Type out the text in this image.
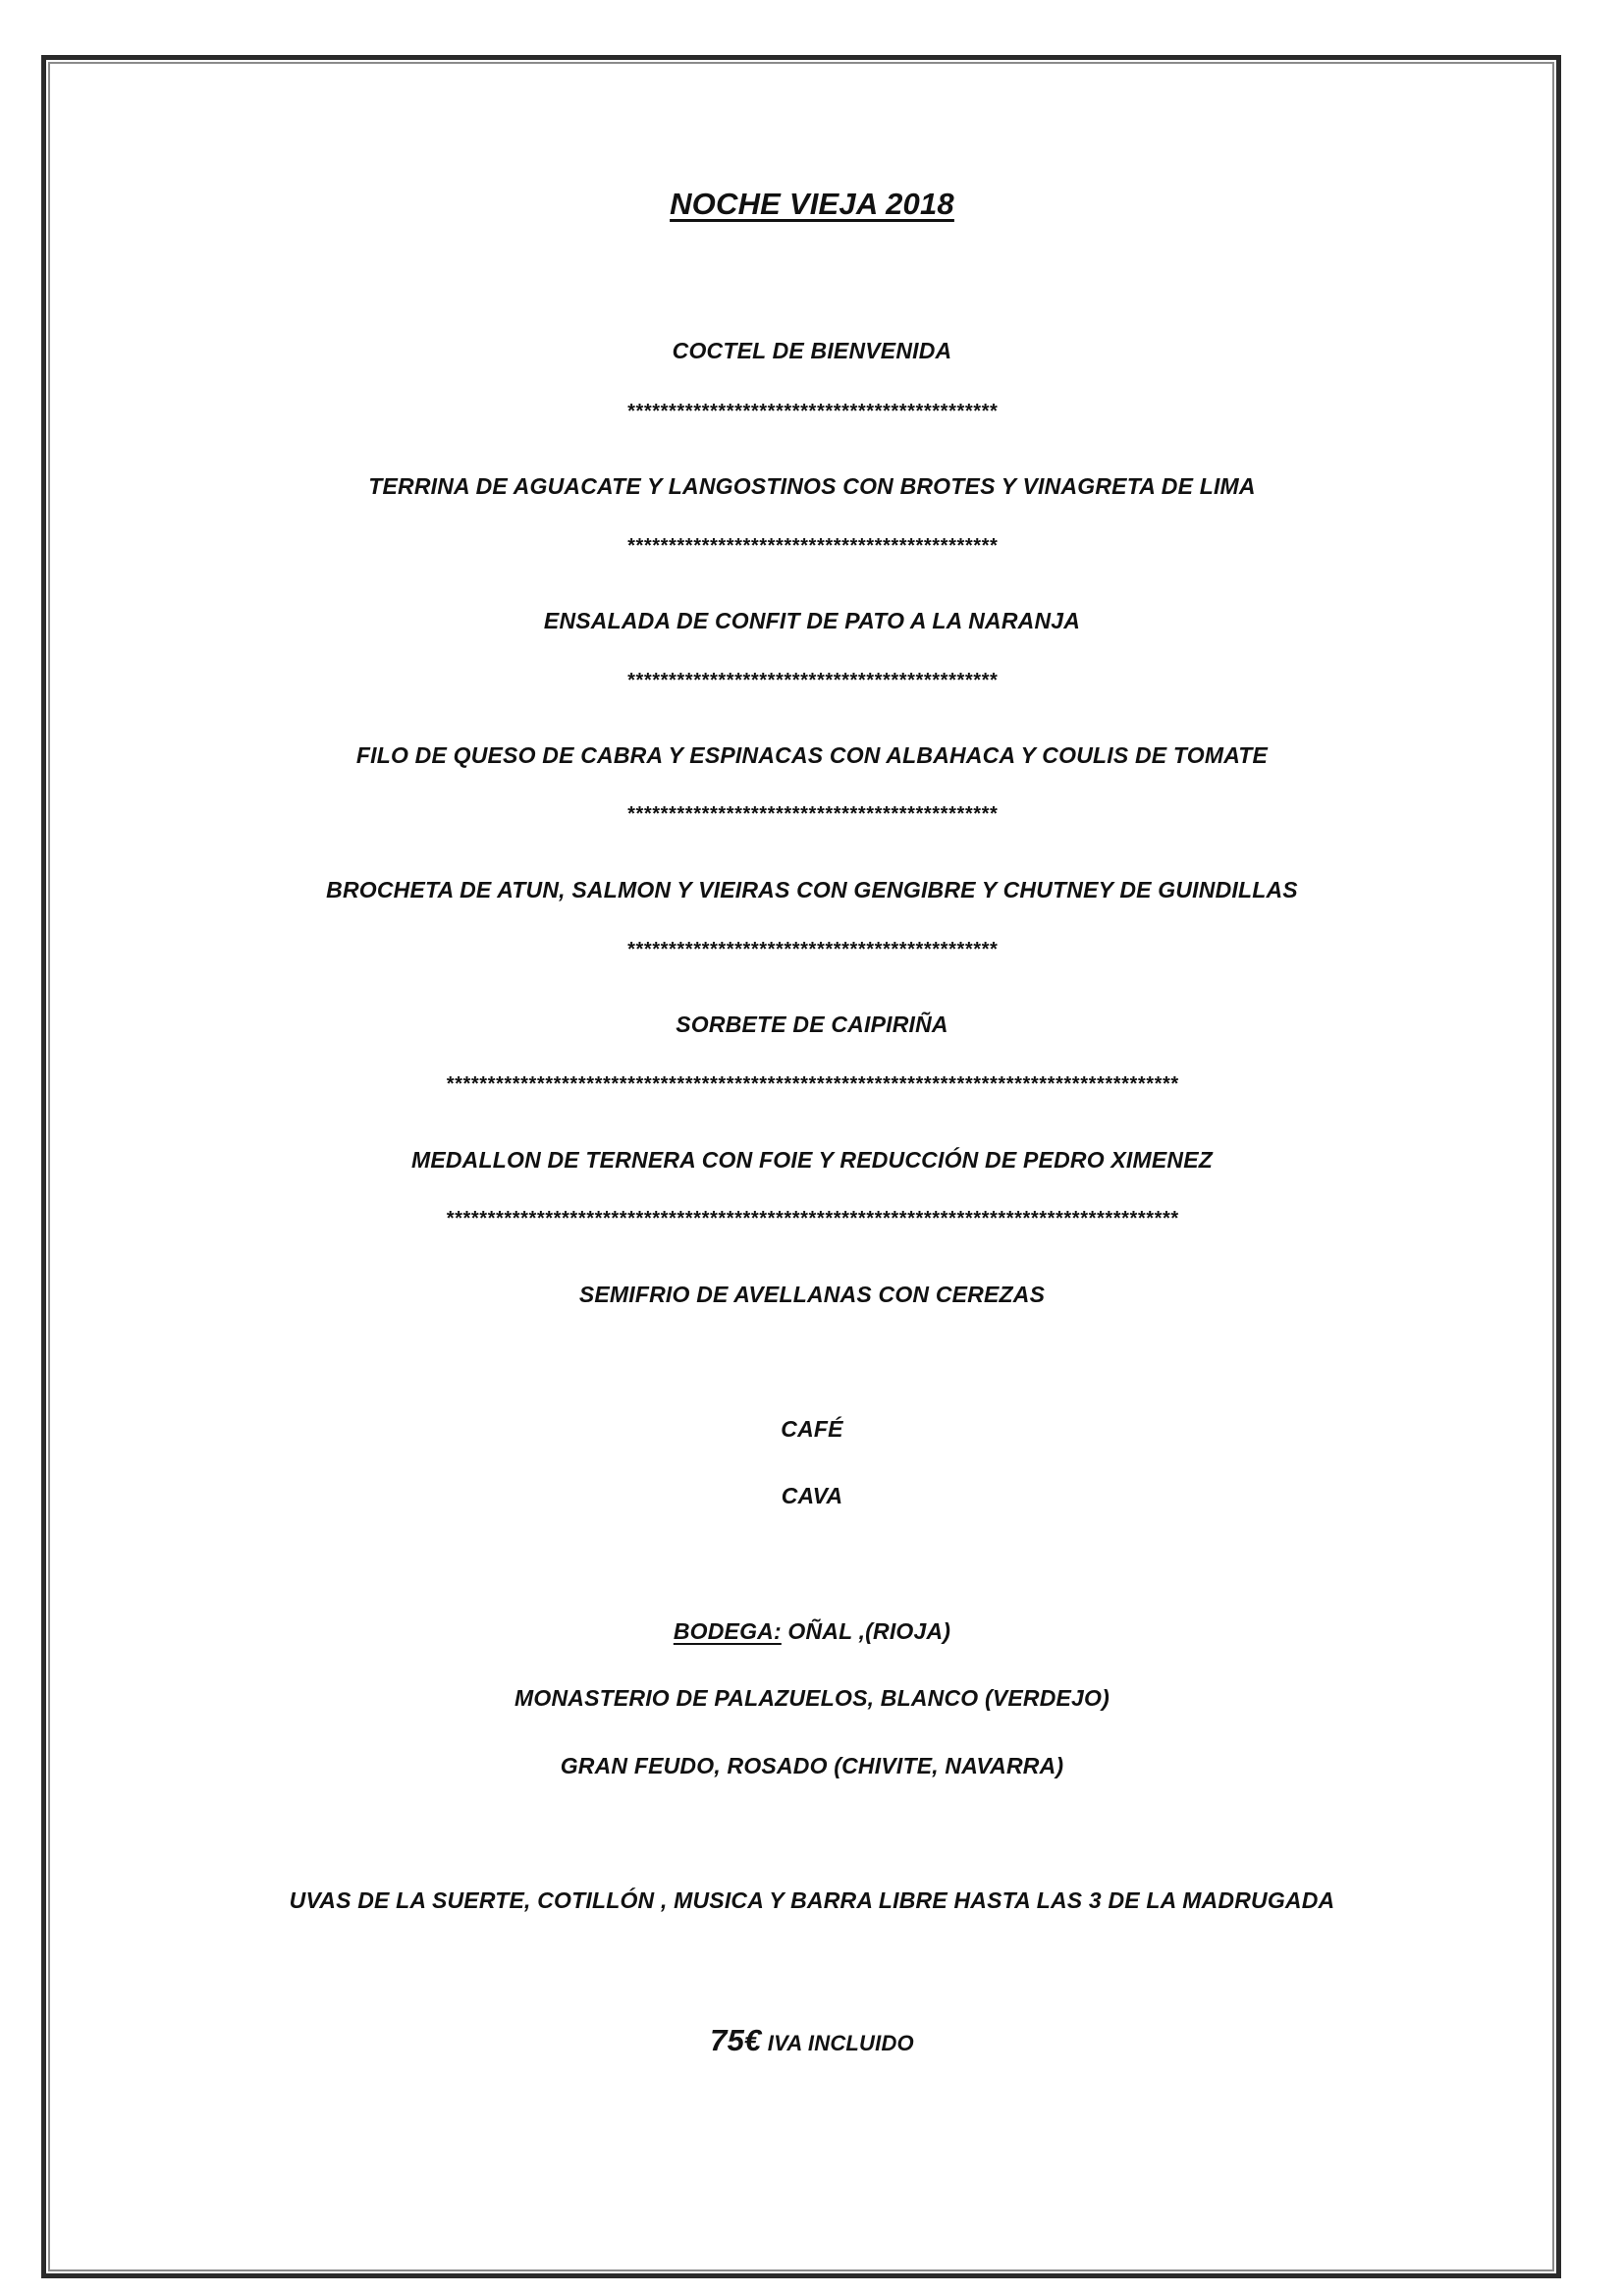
NOCHE VIEJA 2018
COCTEL DE BIENVENIDA
*********************************************
TERRINA DE AGUACATE Y LANGOSTINOS CON BROTES Y VINAGRETA DE LIMA
*********************************************
ENSALADA DE CONFIT DE PATO A LA NARANJA
*********************************************
FILO DE QUESO DE CABRA Y ESPINACAS CON ALBAHACA Y COULIS DE TOMATE
*********************************************
BROCHETA DE ATUN, SALMON Y VIEIRAS CON GENGIBRE Y CHUTNEY DE GUINDILLAS
*********************************************
SORBETE DE CAIPIRIÑA
*****************************************************************************************
MEDALLON DE TERNERA CON FOIE Y REDUCCIÓN DE PEDRO XIMENEZ
*****************************************************************************************
SEMIFRIO DE AVELLANAS CON CEREZAS
CAFÉ
CAVA
BODEGA: OÑAL ,(RIOJA)
MONASTERIO DE PALAZUELOS, BLANCO (VERDEJO)
GRAN FEUDO, ROSADO (CHIVITE, NAVARRA)
UVAS DE LA SUERTE, COTILLÓN , MUSICA Y BARRA LIBRE HASTA LAS 3 DE LA MADRUGADA
75€ IVA INCLUIDO
